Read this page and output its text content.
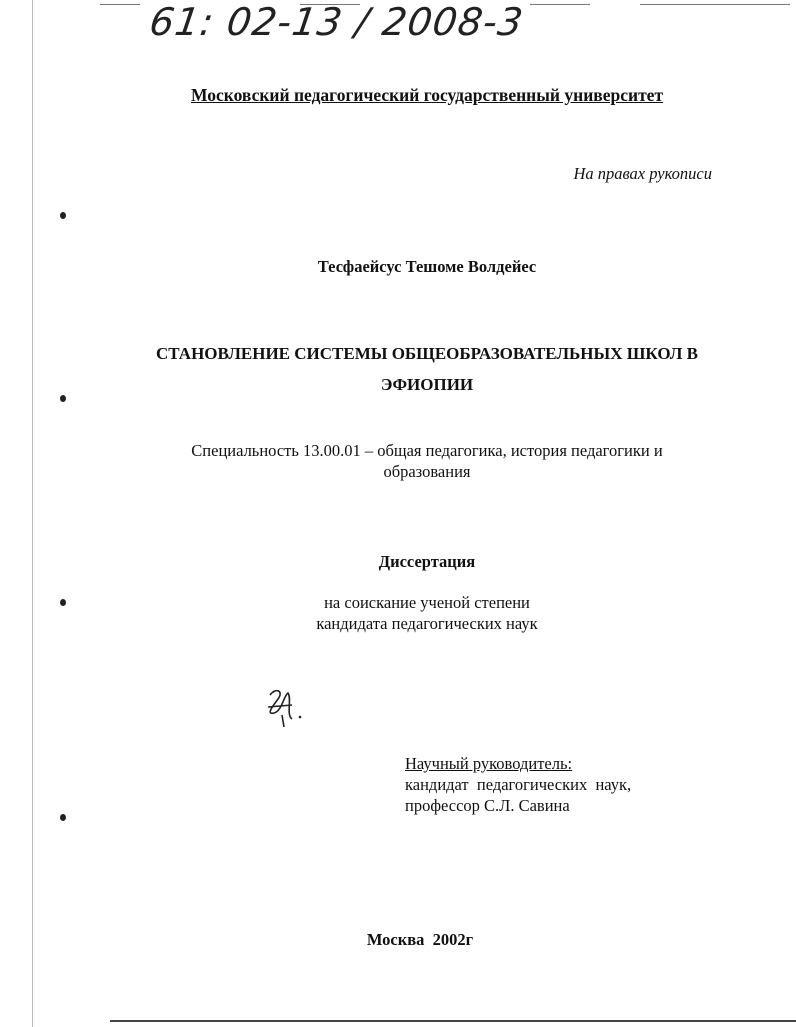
61: 02-13 / 2008-3
Московский педагогический государственный университет
На правах рукописи
Тесфаейсус Тешоме Волдейес
СТАНОВЛЕНИЕ СИСТЕМЫ ОБЩЕОБРАЗОВАТЕЛЬНЫХ ШКОЛ В
ЭФИОПИИ
Специальность 13.00.01 – общая педагогика, история педагогики и
образования
Диссертация
на соискание ученой степени
кандидата педагогических наук
Научный руководитель:
кандидат  педагогических  наук,
профессор С.Л. Савина
Москва  2002г
